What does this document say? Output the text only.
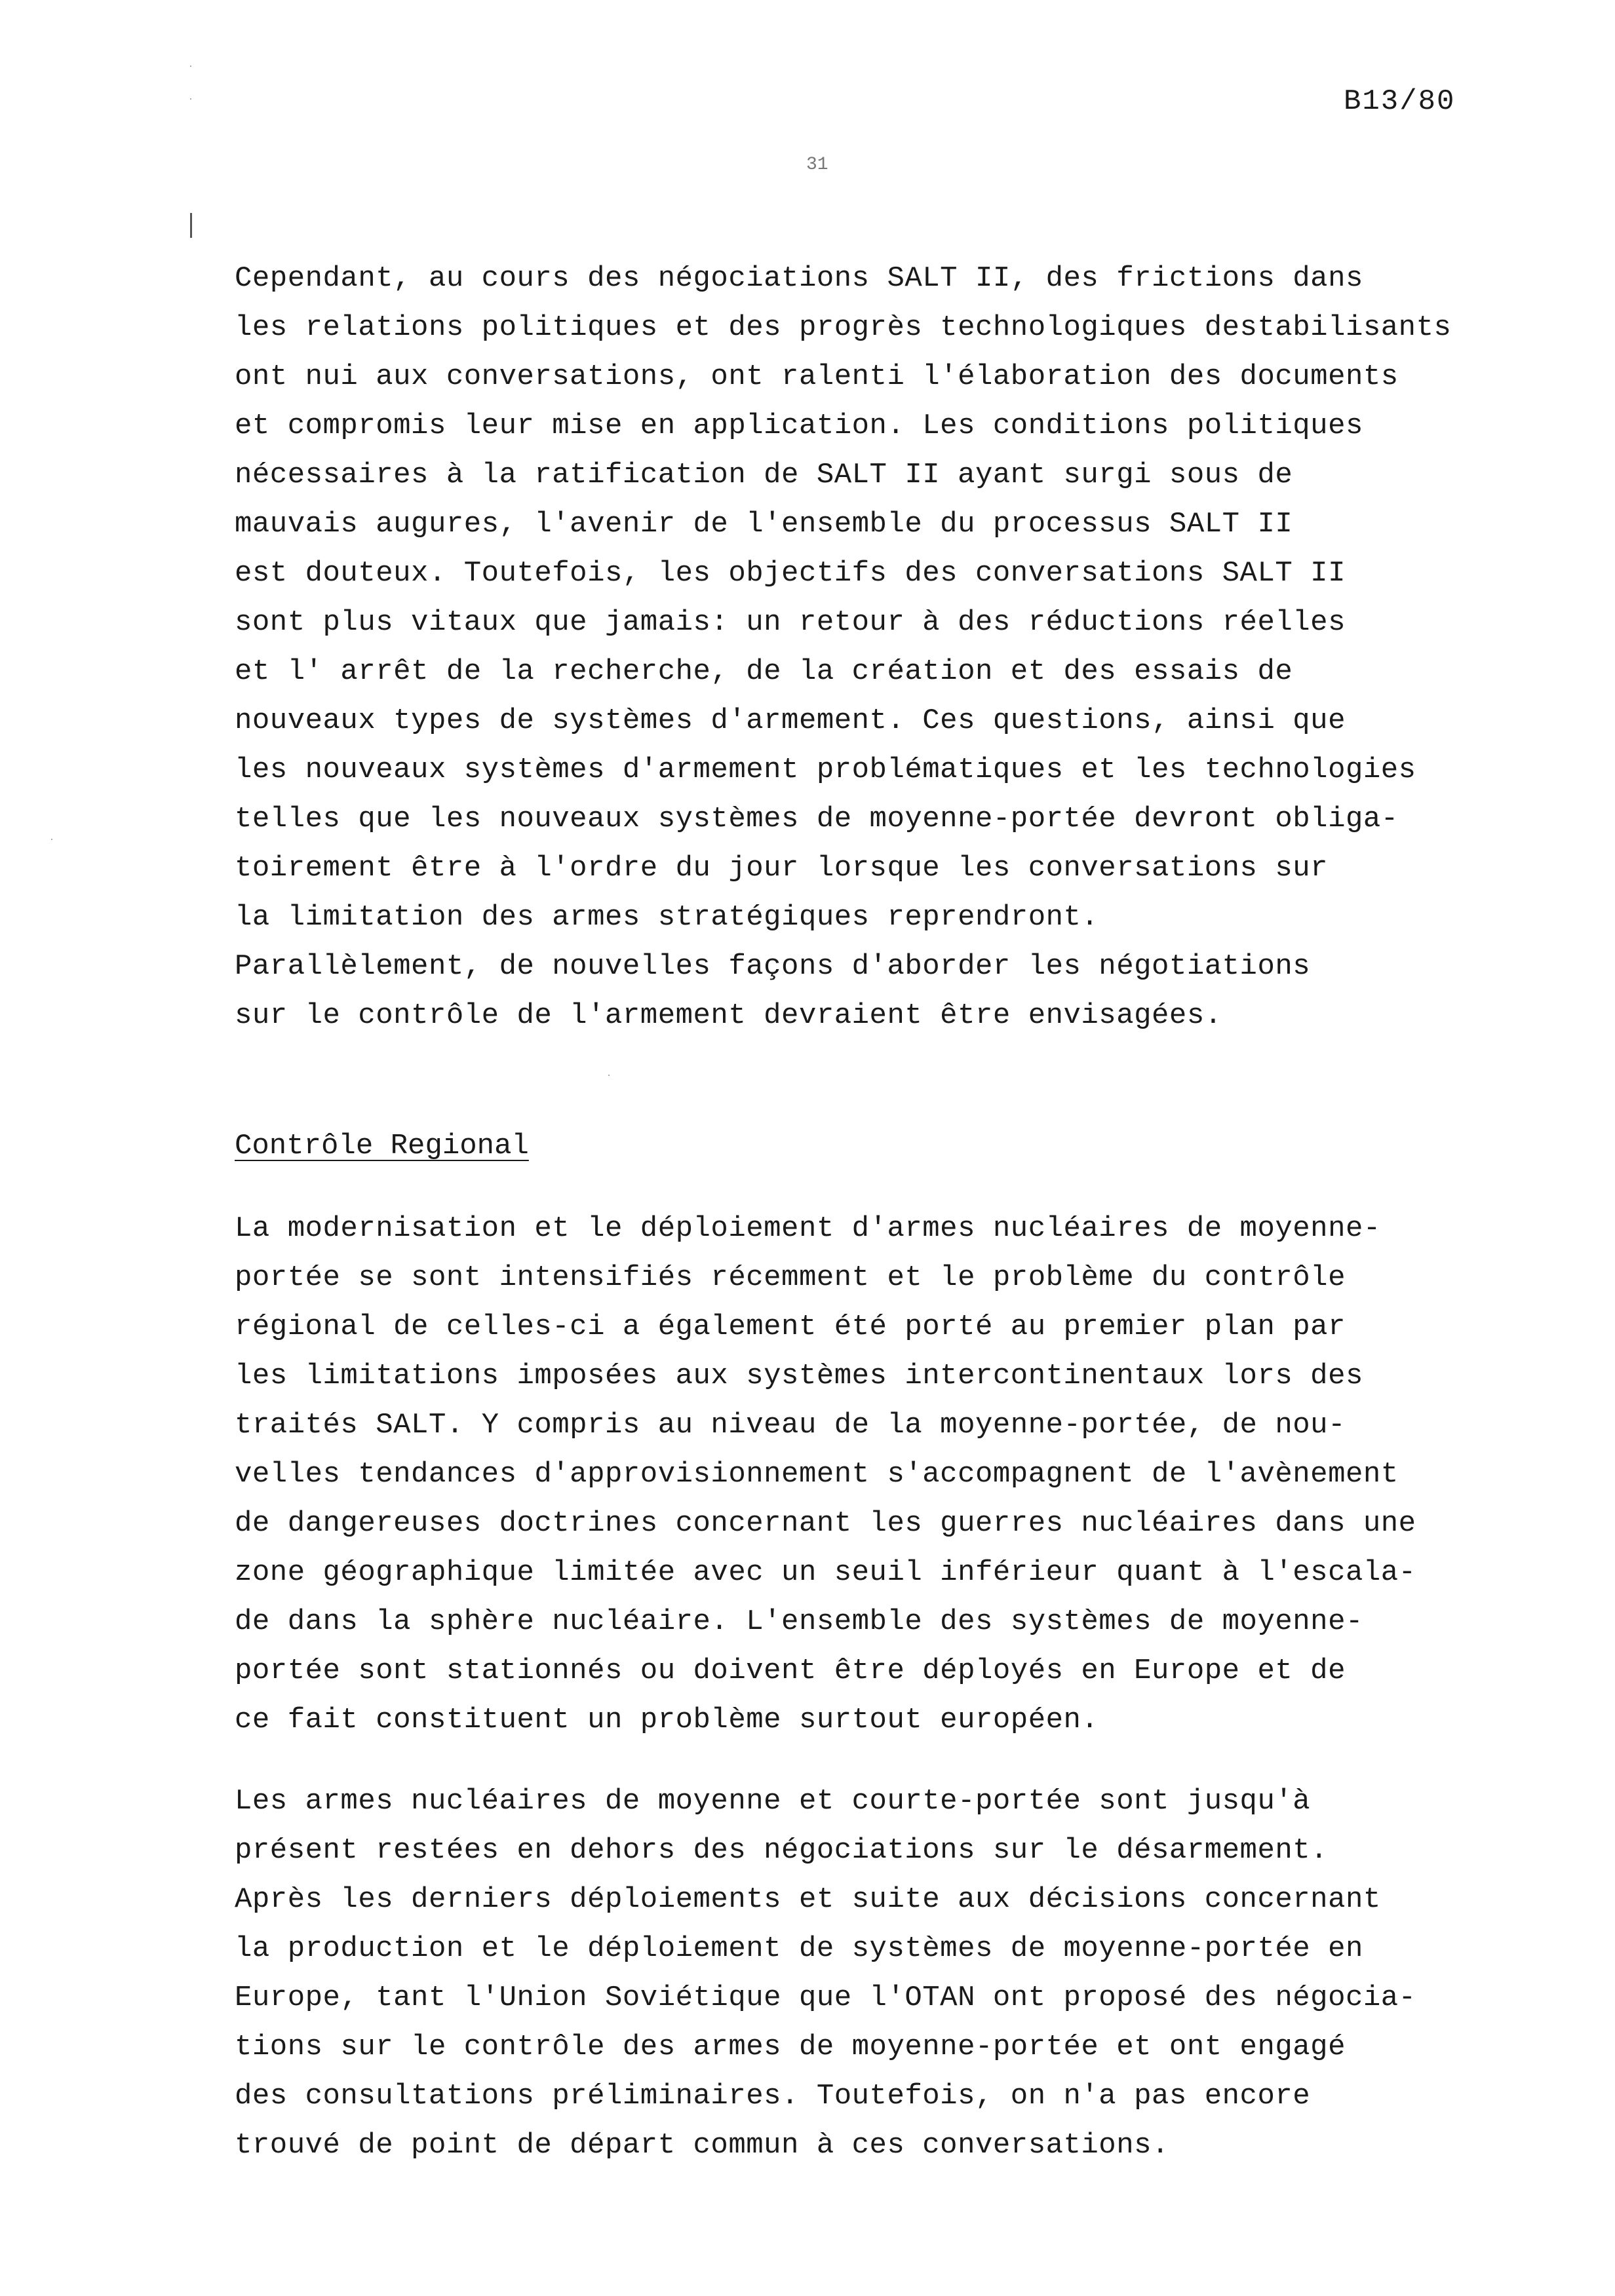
B13/80
31
Cependant, au cours des négociations SALT II, des frictions dans
les relations politiques et des progrès technologiques destabilisants
ont nui aux conversations, ont ralenti l'élaboration des documents
et compromis leur mise en application. Les conditions politiques
nécessaires à la ratification de SALT II ayant surgi sous de
mauvais augures, l'avenir de l'ensemble du processus SALT II
est douteux. Toutefois, les objectifs des conversations SALT II
sont plus vitaux que jamais: un retour à des réductions réelles
et l' arrêt de la recherche, de la création et des essais de
nouveaux types de systèmes d'armement. Ces questions, ainsi que
les nouveaux systèmes d'armement problématiques et les technologies
telles que les nouveaux systèmes de moyenne-portée devront obliga-
toirement être à l'ordre du jour lorsque les conversations sur
la limitation des armes stratégiques reprendront.
Parallèlement, de nouvelles façons d'aborder les négotiations
sur le contrôle de l'armement devraient être envisagées.
Contrôle Regional
La modernisation et le déploiement d'armes nucléaires de moyenne-
portée se sont intensifiés récemment et le problème du contrôle
régional de celles-ci a également été porté au premier plan par
les limitations imposées aux systèmes intercontinentaux lors des
traités SALT. Y compris au niveau de la moyenne-portée, de nou-
velles tendances d'approvisionnement s'accompagnent de l'avènement
de dangereuses doctrines concernant les guerres nucléaires dans une
zone géographique limitée avec un seuil inférieur quant à l'escala-
de dans la sphère nucléaire. L'ensemble des systèmes de moyenne-
portée sont stationnés ou doivent être déployés en Europe et de
ce fait constituent un problème surtout européen.
Les armes nucléaires de moyenne et courte-portée sont jusqu'à
présent restées en dehors des négociations sur le désarmement.
Après les derniers déploiements et suite aux décisions concernant
la production et le déploiement de systèmes de moyenne-portée en
Europe, tant l'Union Soviétique que l'OTAN ont proposé des négocia-
tions sur le contrôle des armes de moyenne-portée et ont engagé
des consultations préliminaires. Toutefois, on n'a pas encore
trouvé de point de départ commun à ces conversations.
